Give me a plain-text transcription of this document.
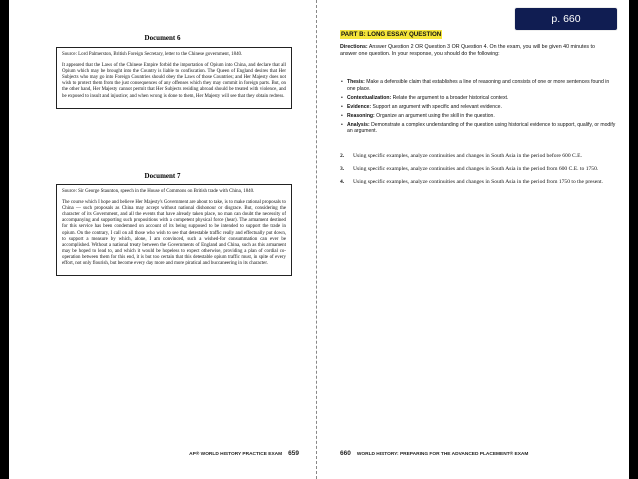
Document 6

Source: Lord Palmerston, British Foreign Secretary, letter to the Chinese government, 1840.

It appeared that the Laws of the Chinese Empire forbid the importation of Opium into China, and declare that all Opium which may be brought into the Country is liable to confiscation. The Queen of England desires that Her Subjects who may go into Foreign Countries should obey the Laws of those Countries; and Her Majesty does not wish to protect them from the just consequences of any offenses which they may commit in foreign parts. But, on the other hand, Her Majesty cannot permit that Her Subjects residing abroad should be treated with violence, and be exposed to insult and injustice; and when wrong is done to them, Her Majesty will see that they obtain redress.

Document 7

Source: Sir George Staunton, speech in the House of Commons on British trade with China, 1840.

The course which I hope and believe Her Majesty's Government are about to take, is to make rational proposals to China — such proposals as China may accept without national dishonour or disgrace. But, considering the character of its Government, and all the events that have already taken place, no man can doubt the necessity of accompanying and supporting such propositions with a competent physical force (hear). The armament destined for this service has been condemned on account of its being supposed to be intended to support the trade in opium. On the contrary, I call on all those who wish to see that detestable traffic really and effectually put down, to support a measure by which, alone, I am convinced, such a wished-for consummation can ever be accomplished. Without a national treaty between the Governments of England and China, such as this armament may be hoped to lead to, and which it would be hopeless to expect otherwise, providing a plan of cordial co-operation between them for this end, it is but too certain that this detestable opium traffic must, in spite of every effort, not only flourish, but become every day more and more piratical and buccaneering in its character.

AP® WORLD HISTORY PRACTICE EXAM 659
PART B: LONG ESSAY QUESTION
Directions: Answer Question 2 OR Question 3 OR Question 4. On the exam, you will be given 40 minutes to answer one question. In your response, you should do the following:
• Thesis: Make a defensible claim that establishes a line of reasoning and consists of one or more sentences found in one place.
• Contextualization: Relate the argument to a broader historical context.
• Evidence: Support an argument with specific and relevant evidence.
• Reasoning: Organize an argument using the skill in the question.
• Analysis: Demonstrate a complex understanding of the question using historical evidence to support, qualify, or modify an argument.
2.	Using specific examples, analyze continuities and changes in South Asia in the period before 600 C.E.
3.	Using specific examples, analyze continuities and changes in South Asia in the period from 600 C.E. to 1750.
4.	Using specific examples, analyze continuities and changes in South Asia in the period from 1750 to the present.
660 WORLD HISTORY: PREPARING FOR THE ADVANCED PLACEMENT® EXAM
p. 660
